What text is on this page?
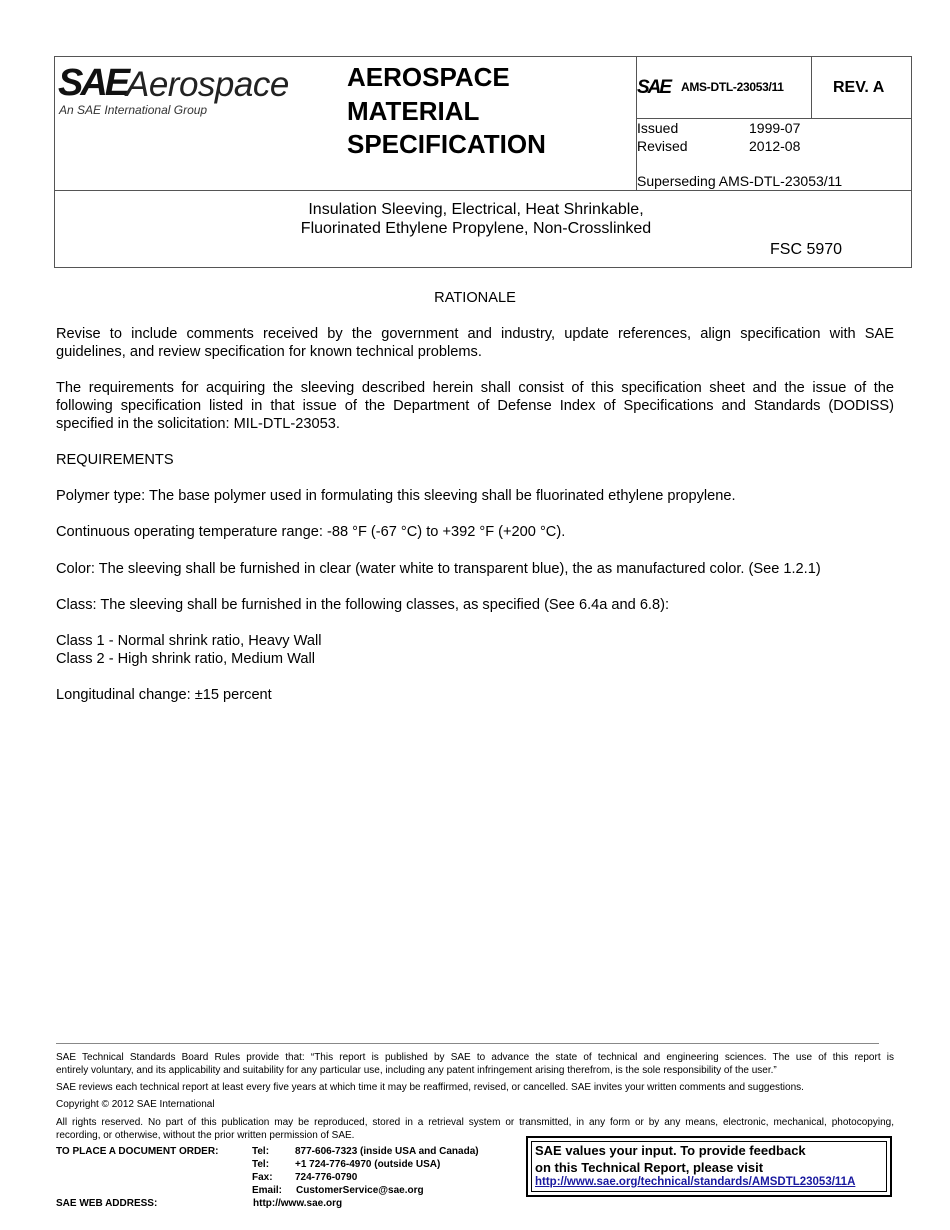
SAE
Aerospace
An SAE International Group
AEROSPACE
MATERIAL
SPECIFICATION
SAE AMS-DTL-23053/11	REV. A
Issued	1999-07
Revised	2012-08
Superseding AMS-DTL-23053/11
Insulation Sleeving, Electrical, Heat Shrinkable,
Fluorinated Ethylene Propylene, Non-Crosslinked
FSC 5970
RATIONALE
Revise to include comments received by the government and industry, update references, align specification with SAE
guidelines, and review specification for known technical problems.
The requirements for acquiring the sleeving described herein shall consist of this specification sheet and the issue of the
following specification listed in that issue of the Department of Defense Index of Specifications and Standards (DODISS)
specified in the solicitation: MIL-DTL-23053.
REQUIREMENTS
Polymer type: The base polymer used in formulating this sleeving shall be fluorinated ethylene propylene.
Continuous operating temperature range: -88 °F (-67 °C) to +392 °F (+200 °C).
Color: The sleeving shall be furnished in clear (water white to transparent blue), the as manufactured color. (See 1.2.1)
Class: The sleeving shall be furnished in the following classes, as specified (See 6.4a and 6.8):
Class 1 - Normal shrink ratio, Heavy Wall
Class 2 - High shrink ratio, Medium Wall
Longitudinal change: ±15 percent
SAE Technical Standards Board Rules provide that: “This report is published by SAE to advance the state of technical and engineering sciences. The use of this report is
entirely voluntary, and its applicability and suitability for any particular use, including any patent infringement arising therefrom, is the sole responsibility of the user.”
SAE reviews each technical report at least every five years at which time it may be reaffirmed, revised, or cancelled. SAE invites your written comments and suggestions.
Copyright © 2012 SAE International
All rights reserved. No part of this publication may be reproduced, stored in a retrieval system or transmitted, in any form or by any means, electronic, mechanical, photocopying,
recording, or otherwise, without the prior written permission of SAE.
TO PLACE A DOCUMENT ORDER:	Tel:	877-606-7323 (inside USA and Canada)
Tel:	+1 724-776-4970 (outside USA)
Fax: 724-776-0790
Email: CustomerService@sae.org
SAE WEB ADDRESS:	http://www.sae.org
SAE values your input. To provide feedback
on this Technical Report, please visit
http://www.sae.org/technical/standards/AMSDTL23053/11A
